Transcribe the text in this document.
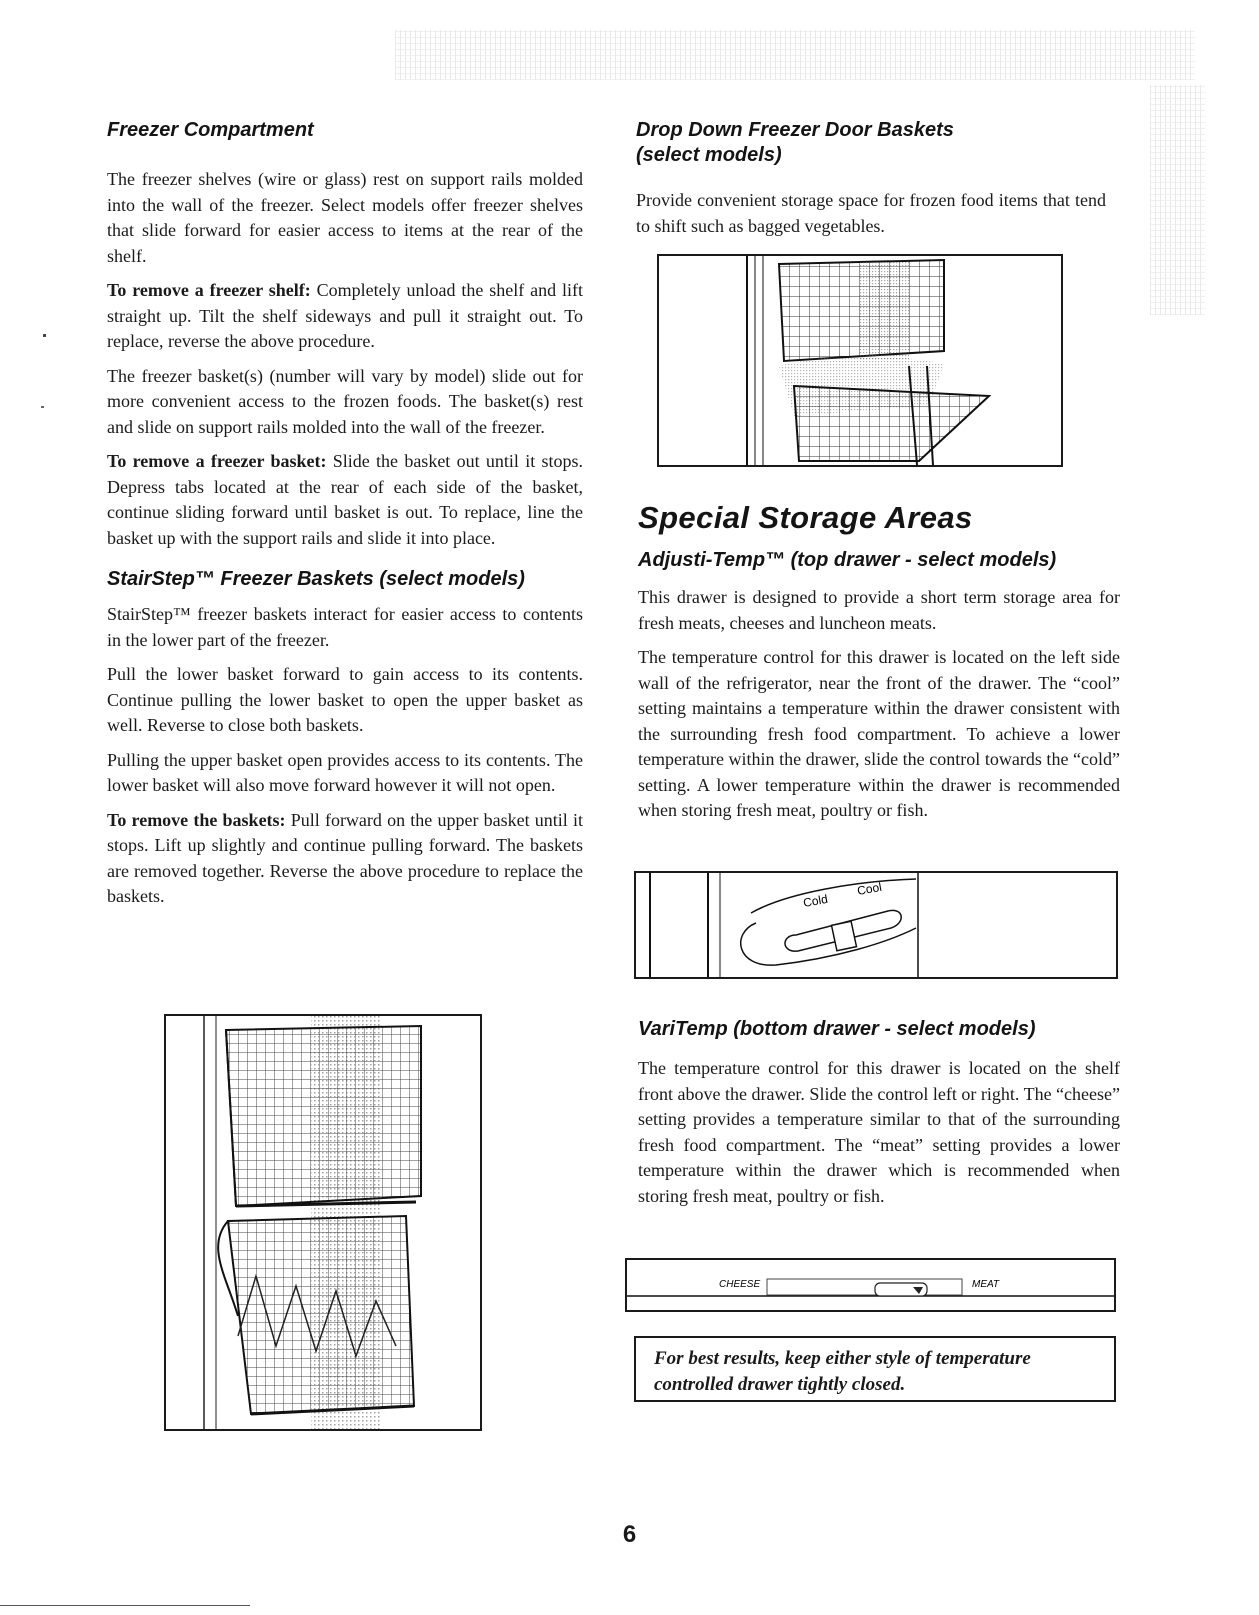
Freezer Compartment

The freezer shelves (wire or glass) rest on support rails molded into the wall of the freezer. Select models offer freezer shelves that slide forward for easier access to items at the rear of the shelf.

To remove a freezer shelf: Completely unload the shelf and lift straight up. Tilt the shelf sideways and pull it straight out. To replace, reverse the above procedure.

The freezer basket(s) (number will vary by model) slide out for more convenient access to the frozen foods. The basket(s) rest and slide on support rails molded into the wall of the freezer.

To remove a freezer basket: Slide the basket out until it stops. Depress tabs located at the rear of each side of the basket, continue sliding forward until basket is out. To replace, line the basket up with the support rails and slide it into place.

StairStep™ Freezer Baskets (select models)

StairStep™ freezer baskets interact for easier access to contents in the lower part of the freezer.

Pull the lower basket forward to gain access to its contents. Continue pulling the lower basket to open the upper basket as well. Reverse to close both baskets.

Pulling the upper basket open provides access to its contents. The lower basket will also move forward however it will not open.

To remove the baskets: Pull forward on the upper basket until it stops. Lift up slightly and continue pulling forward. The baskets are removed together. Reverse the above procedure to replace the baskets.

Drop Down Freezer Door Baskets
(select models)

Provide convenient storage space for frozen food items that tend to shift such as bagged vegetables.

Special Storage Areas
Adjusti-Temp™ (top drawer - select models)

This drawer is designed to provide a short term storage area for fresh meats, cheeses and luncheon meats.

The temperature control for this drawer is located on the left side wall of the refrigerator, near the front of the drawer. The “cool” setting maintains a temperature within the drawer consistent with the surrounding fresh food compartment. To achieve a lower temperature within the drawer, slide the control towards the “cold” setting. A lower temperature within the drawer is recommended when storing fresh meat, poultry or fish.

Cold
Cool
VariTemp (bottom drawer - select models)

The temperature control for this drawer is located on the shelf front above the drawer. Slide the control left or right. The “cheese” setting provides a temperature similar to that of the surrounding fresh food compartment. The “meat” setting provides a lower temperature within the drawer which is recommended when storing fresh meat, poultry or fish.

CHEESE	MEAT
For best results, keep either style of temperature controlled drawer tightly closed.
6
